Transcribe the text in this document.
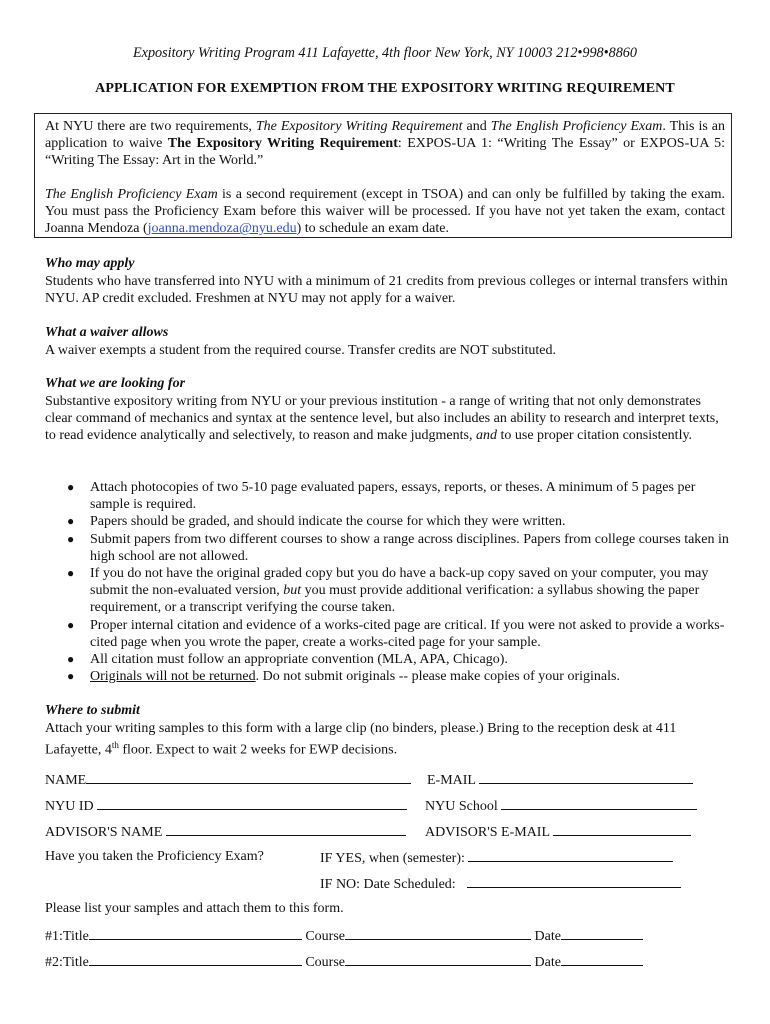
Expository Writing Program 411 Lafayette, 4th floor New York, NY 10003 212•998•8860
APPLICATION FOR EXEMPTION FROM THE EXPOSITORY WRITING REQUIREMENT
At NYU there are two requirements, The Expository Writing Requirement and The English Proficiency Exam. This is an application to waive The Expository Writing Requirement: EXPOS-UA 1: “Writing The Essay” or EXPOS-UA 5: “Writing The Essay: Art in the World.”
The English Proficiency Exam is a second requirement (except in TSOA) and can only be fulfilled by taking the exam. You must pass the Proficiency Exam before this waiver will be processed. If you have not yet taken the exam, contact Joanna Mendoza (joanna.mendoza@nyu.edu) to schedule an exam date.
Who may apply
Students who have transferred into NYU with a minimum of 21 credits from previous colleges or internal transfers within NYU. AP credit excluded. Freshmen at NYU may not apply for a waiver.
What a waiver allows
A waiver exempts a student from the required course. Transfer credits are NOT substituted.
What we are looking for
Substantive expository writing from NYU or your previous institution - a range of writing that not only demonstrates clear command of mechanics and syntax at the sentence level, but also includes an ability to research and interpret texts, to read evidence analytically and selectively, to reason and make judgments, and to use proper citation consistently.
● Attach photocopies of two 5-10 page evaluated papers, essays, reports, or theses. A minimum of 5 pages per sample is required.
● Papers should be graded, and should indicate the course for which they were written.
● Submit papers from two different courses to show a range across disciplines. Papers from college courses taken in high school are not allowed.
● If you do not have the original graded copy but you do have a back-up copy saved on your computer, you may submit the non-evaluated version, but you must provide additional verification: a syllabus showing the paper requirement, or a transcript verifying the course taken.
● Proper internal citation and evidence of a works-cited page are critical. If you were not asked to provide a works-cited page when you wrote the paper, create a works-cited page for your sample.
● All citation must follow an appropriate convention (MLA, APA, Chicago).
● Originals will not be returned. Do not submit originals -- please make copies of your originals.
Where to submit
Attach your writing samples to this form with a large clip (no binders, please.) Bring to the reception desk at 411 Lafayette, 4th floor. Expect to wait 2 weeks for EWP decisions.
NAME	E-MAIL
NYU ID	NYU School
ADVISOR'S NAME	ADVISOR'S E-MAIL
Have you taken the Proficiency Exam?	IF YES, when (semester):
IF NO: Date Scheduled:
Please list your samples and attach them to this form.
#1:Title	Course	Date
#2:Title	Course	Date
